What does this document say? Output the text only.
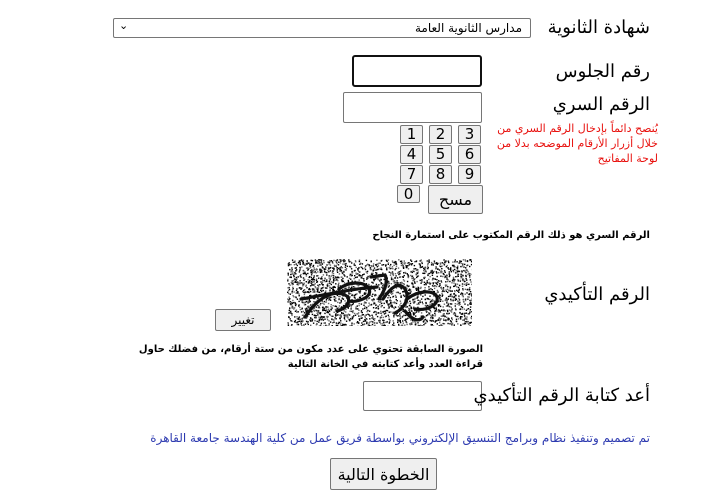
مدارس الثانوية العامة
⌄	شهادة الثانوية
رقم الجلوس
الرقم السري
يُنصح دائماً بإدخال الرقم السري من خلال أزرار الأرقام الموضحه بدلا من لوحة المفاتيح
1	2	3
4	5	6
7	8	9
0	مسح
الرقم السري هو ذلك الرقم المكتوب على استمارة النجاح
الرقم التأكيدي
تغيير
الصورة السابقة تحتوي على عدد مكون من ستة أرقام، من فضلك حاول قراءة العدد وأعد كتابته في الخانة التالية
أعد كتابة الرقم التأكيدي
تم تصميم وتنفيذ نظام وبرامج التنسيق الإلكتروني بواسطة فريق عمل من كلية الهندسة جامعة القاهرة
الخطوة التالية
